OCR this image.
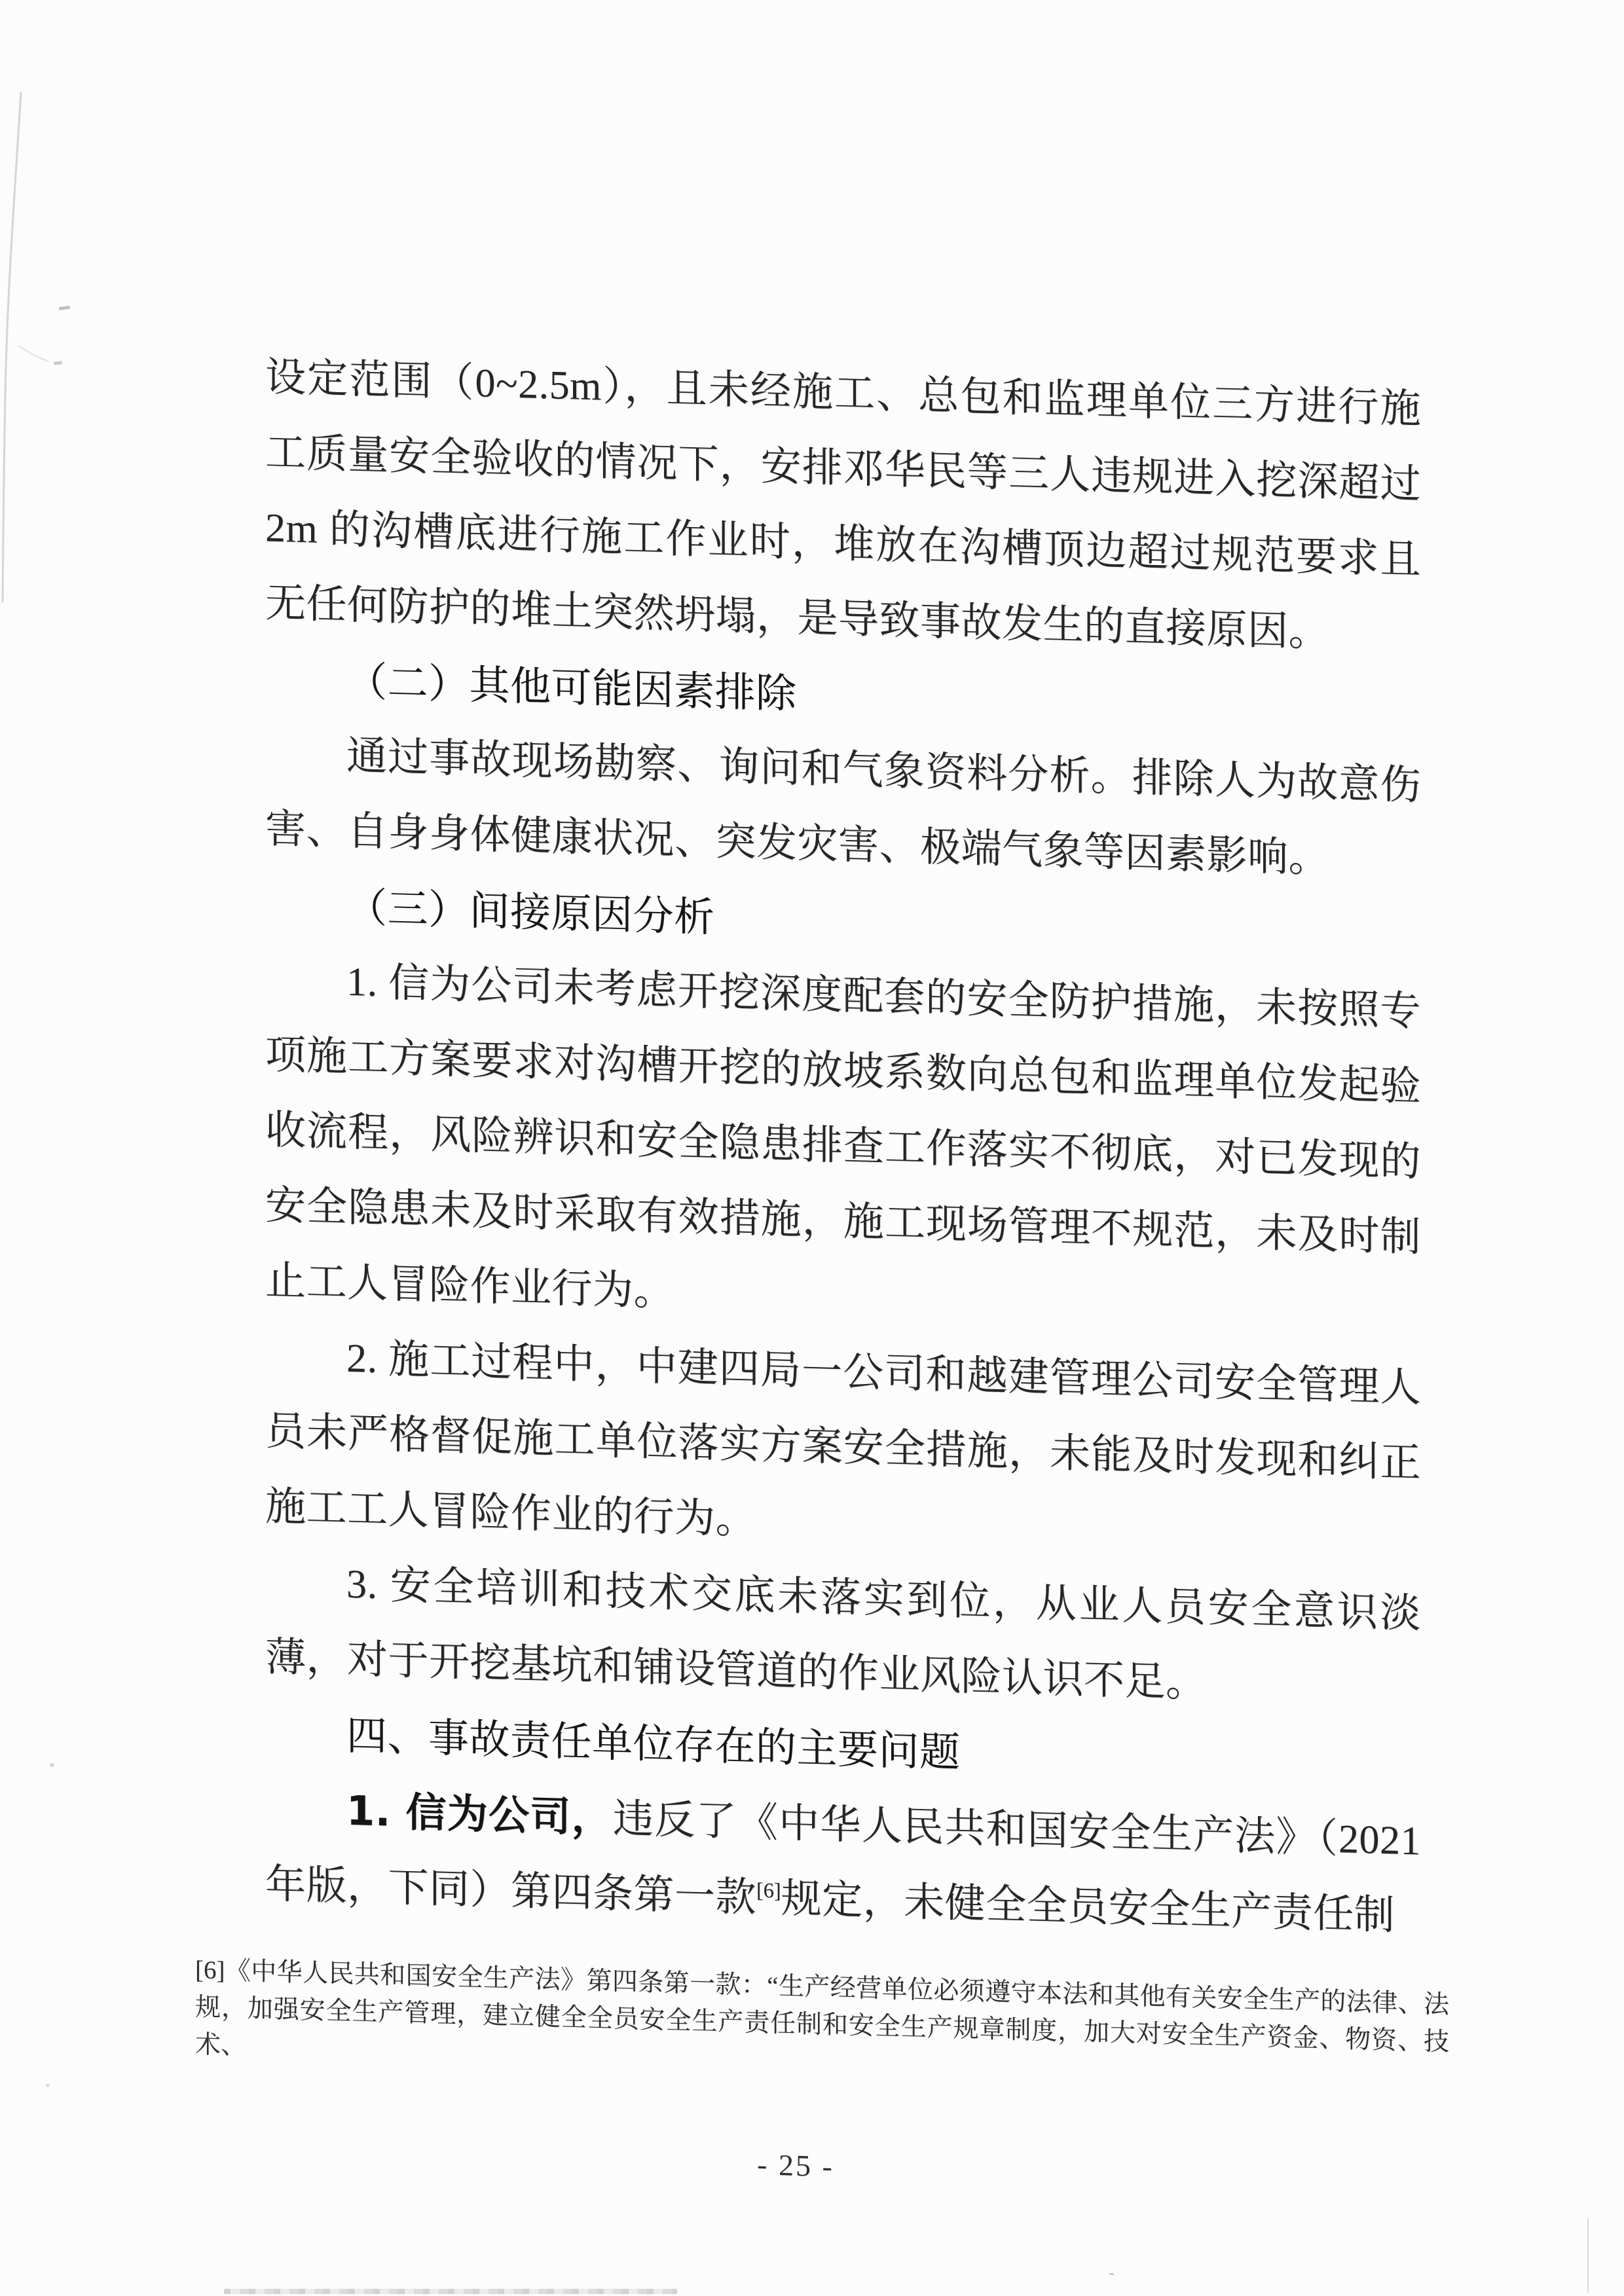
设定范围（0~2.5m），且未经施工、总包和监理单位三方进行施工质量安全验收的情况下，安排邓华民等三人违规进入挖深超过 2m 的沟槽底进行施工作业时，堆放在沟槽顶边超过规范要求且无任何防护的堆土突然坍塌，是导致事故发生的直接原因。

（二）其他可能因素排除

通过事故现场勘察、询问和气象资料分析。排除人为故意伤害、自身身体健康状况、突发灾害、极端气象等因素影响。

（三）间接原因分析

1. 信为公司未考虑开挖深度配套的安全防护措施，未按照专项施工方案要求对沟槽开挖的放坡系数向总包和监理单位发起验收流程，风险辨识和安全隐患排查工作落实不彻底，对已发现的安全隐患未及时采取有效措施，施工现场管理不规范，未及时制止工人冒险作业行为。

2. 施工过程中，中建四局一公司和越建管理公司安全管理人员未严格督促施工单位落实方案安全措施，未能及时发现和纠正施工工人冒险作业的行为。

3. 安全培训和技术交底未落实到位，从业人员安全意识淡薄，对于开挖基坑和铺设管道的作业风险认识不足。

四、事故责任单位存在的主要问题

1. 信为公司，违反了《中华人民共和国安全生产法》（2021年版，下同）第四条第一款[6]规定，未健全全员安全生产责任制

[6]《中华人民共和国安全生产法》第四条第一款：“生产经营单位必须遵守本法和其他有关安全生产的法律、法规，加强安全生产管理，建立健全全员安全生产责任制和安全生产规章制度，加大对安全生产资金、物资、技术、
- 25 -
